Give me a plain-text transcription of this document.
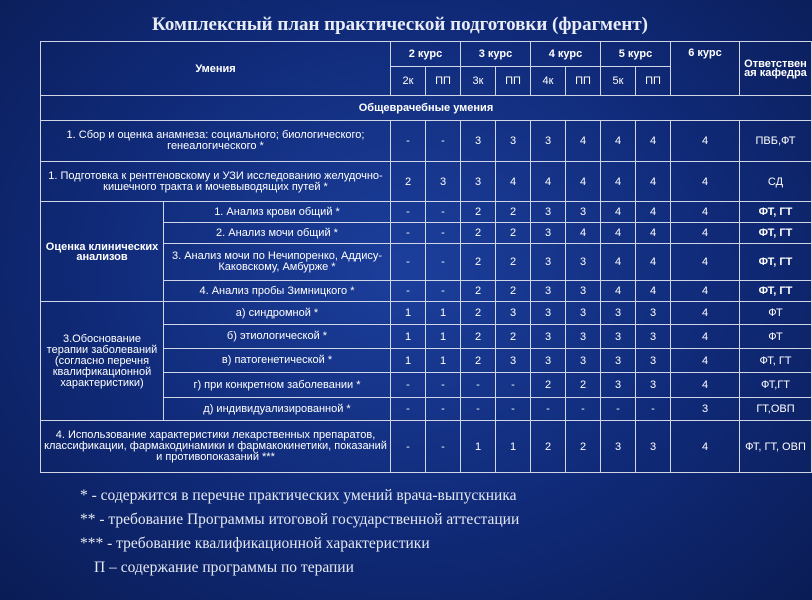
Комплексный план практической подготовки (фрагмент)
Умения		2 курс		3 курс		4 курс		5 курс		6 курс	Ответствен ая кафедра
		2к	ПП	3к	ПП	4к	ПП	5к	ПП		
Общеврачебные умения											
1. Сбор и оценка анамнеза: социального; биологического; генеалогического *		-	-	3	3	3	4	4	4	4	ПВБ,ФТ
1. Подготовка к рентгеновскому и УЗИ исследованию желудочно-кишечного тракта и мочевыводящих путей *		2	3	3	4	4	4	4	4	4	СД
Оценка клинических анализов	1. Анализ крови общий *	-	-	2	2	3	3	4	4	4	ФТ, ГТ
	2. Анализ мочи общий *	-	-	2	2	3	4	4	4	4	ФТ, ГТ
	3. Анализ мочи по Нечипоренко, Аддису-Каковскому, Амбурже *	-	-	2	2	3	3	4	4	4	ФТ, ГТ
	4. Анализ пробы Зимницкого *	-	-	2	2	3	3	4	4	4	ФТ, ГТ
3.Обоснование терапии заболеваний (согласно перечня квалификационной характеристики)	а) синдромной *	1	1	2	3	3	3	3	3	4	ФТ
	б) этиологической *	1	1	2	2	3	3	3	3	4	ФТ
	в) патогенетической *	1	1	2	3	3	3	3	3	4	ФТ, ГТ
	г) при конкретном заболевании *	-	-	-	-	2	2	3	3	4	ФТ,ГТ
	д) индивидуализированной *	-	-	-	-	-	-	-	-	3	ГТ,ОВП
4. Использование характеристики лекарственных препаратов, классификации, фармакодинамики и фармакокинетики, показаний и противопоказаний ***		-	-	1	1	2	2	3	3	4	ФТ, ГТ, ОВП
* - содержится в перечне практических умений врача-выпускника
** - требование Программы итоговой государственной аттестации
*** - требование квалификационной характеристики
П – содержание программы по терапии
